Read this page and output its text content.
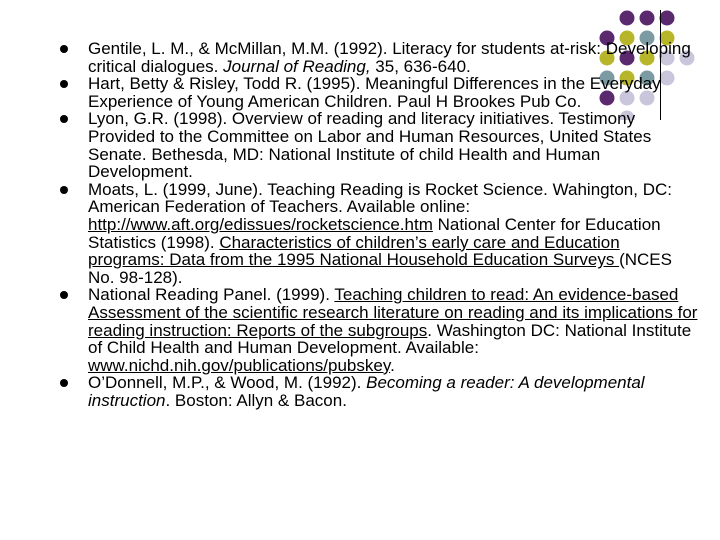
Gentile, L. M., & McMillan, M.M. (1992). Literacy for students at-risk: Developing critical dialogues. Journal of Reading, 35, 636-640.
Hart, Betty & Risley, Todd R. (1995). Meaningful Differences in the Everyday Experience of Young American Children. Paul H Brookes Pub Co.
Lyon, G.R. (1998). Overview of reading and literacy initiatives. Testimony Provided to the Committee on Labor and Human Resources, United States Senate. Bethesda, MD: National Institute of child Health and Human Development.
Moats, L. (1999, June). Teaching Reading is Rocket Science. Wahington, DC: American Federation of Teachers. Available online: http://www.aft.org/edissues/rocketscience.htm National Center for Education Statistics (1998). Characteristics of children’s early care and Education programs: Data from the 1995 National Household Education Surveys (NCES No. 98-128).
National Reading Panel. (1999). Teaching children to read: An evidence-based Assessment of the scientific research literature on reading and its implications for reading instruction: Reports of the subgroups. Washington DC: National Institute of Child Health and Human Development. Available: www.nichd.nih.gov/publications/pubskey.
O’Donnell, M.P., & Wood, M. (1992). Becoming a reader: A developmental instruction. Boston: Allyn & Bacon.
